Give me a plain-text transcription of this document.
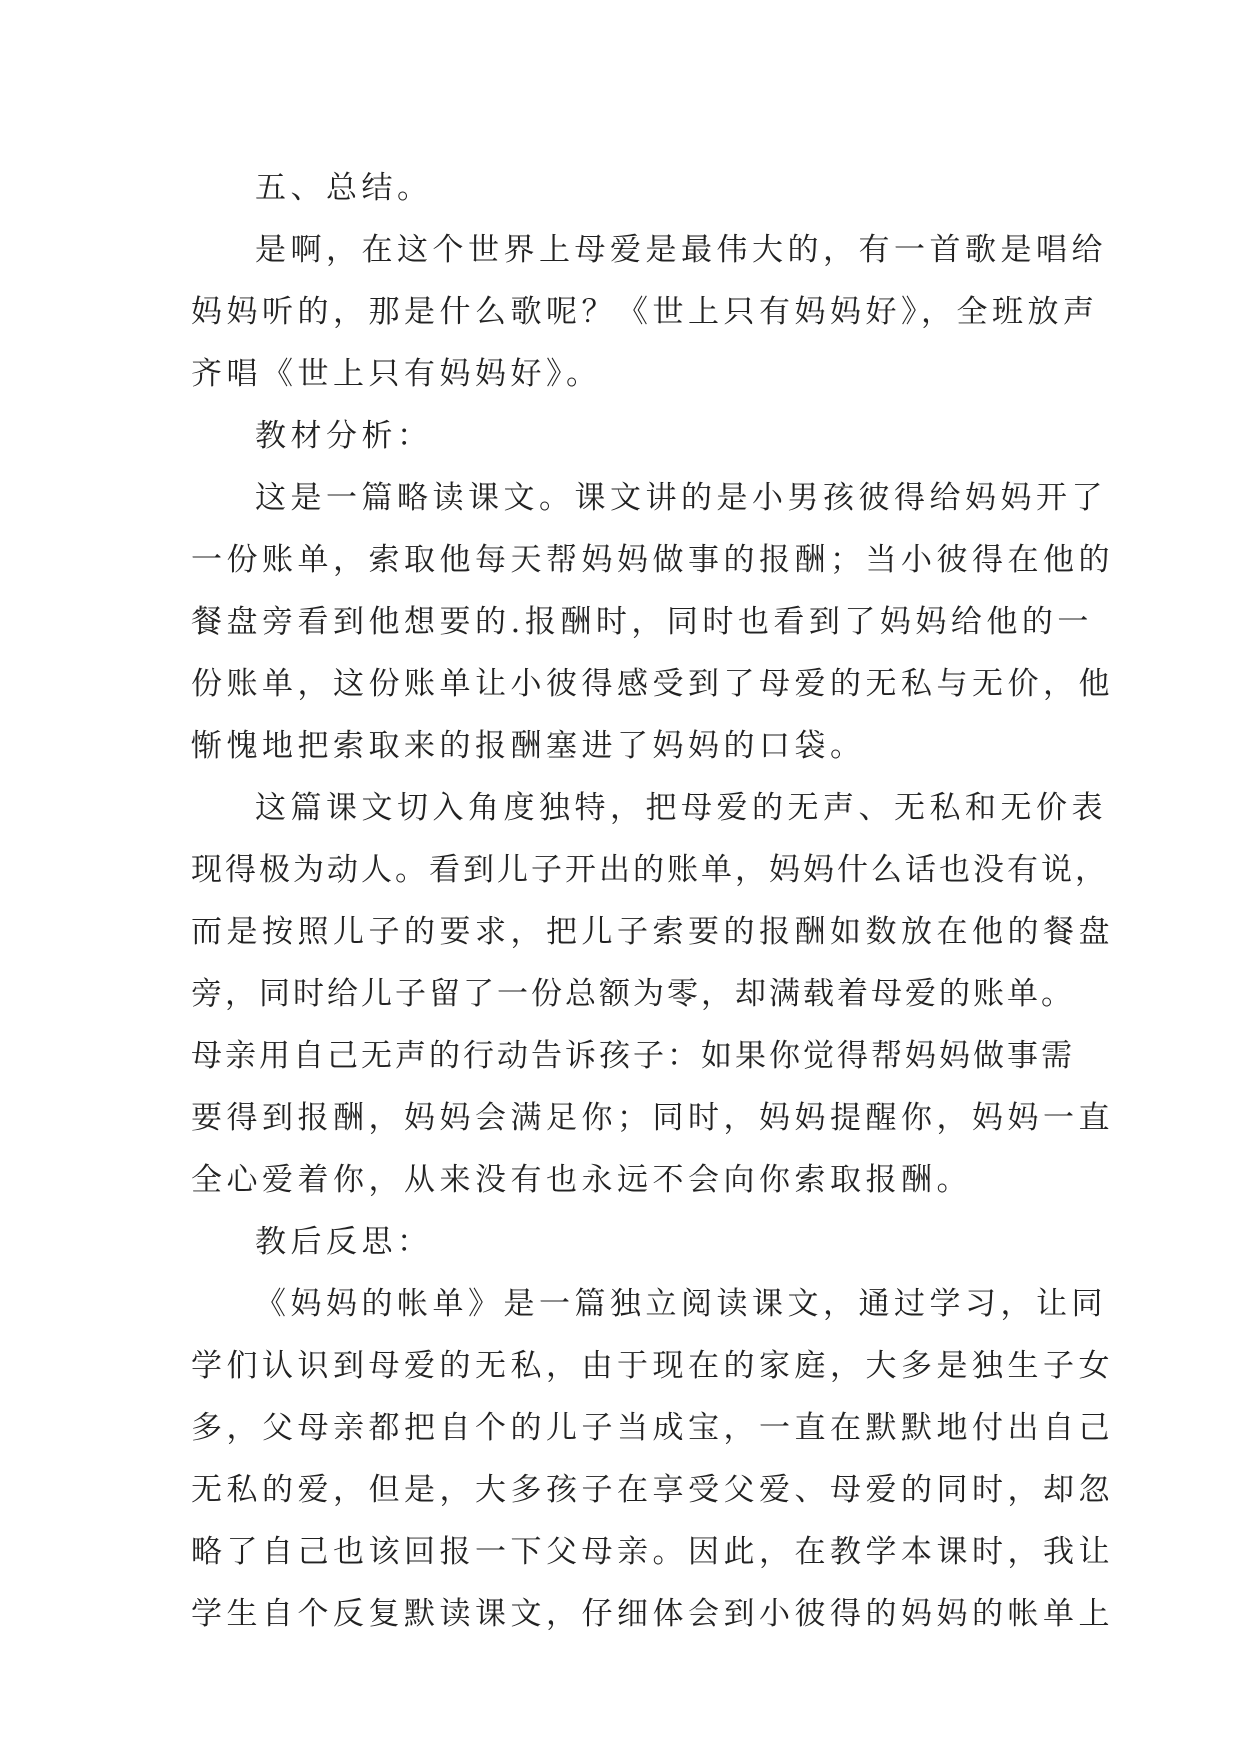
五、总结。
是啊，在这个世界上母爱是最伟大的，有一首歌是唱给
妈妈听的，那是什么歌呢？《世上只有妈妈好》，全班放声
齐唱《世上只有妈妈好》。
教材分析：
这是一篇略读课文。课文讲的是小男孩彼得给妈妈开了
一份账单，索取他每天帮妈妈做事的报酬；当小彼得在他的
餐盘旁看到他想要的.报酬时，同时也看到了妈妈给他的一
份账单，这份账单让小彼得感受到了母爱的无私与无价，他
惭愧地把索取来的报酬塞进了妈妈的口袋。
这篇课文切入角度独特，把母爱的无声、无私和无价表
现得极为动人。看到儿子开出的账单，妈妈什么话也没有说，
而是按照儿子的要求，把儿子索要的报酬如数放在他的餐盘
旁，同时给儿子留了一份总额为零，却满载着母爱的账单。
母亲用自己无声的行动告诉孩子：如果你觉得帮妈妈做事需
要得到报酬，妈妈会满足你；同时，妈妈提醒你，妈妈一直
全心爱着你，从来没有也永远不会向你索取报酬。
教后反思：
《妈妈的帐单》是一篇独立阅读课文，通过学习，让同
学们认识到母爱的无私，由于现在的家庭，大多是独生子女
多，父母亲都把自个的儿子当成宝，一直在默默地付出自己
无私的爱，但是，大多孩子在享受父爱、母爱的同时，却忽
略了自己也该回报一下父母亲。因此，在教学本课时，我让
学生自个反复默读课文，仔细体会到小彼得的妈妈的帐单上
